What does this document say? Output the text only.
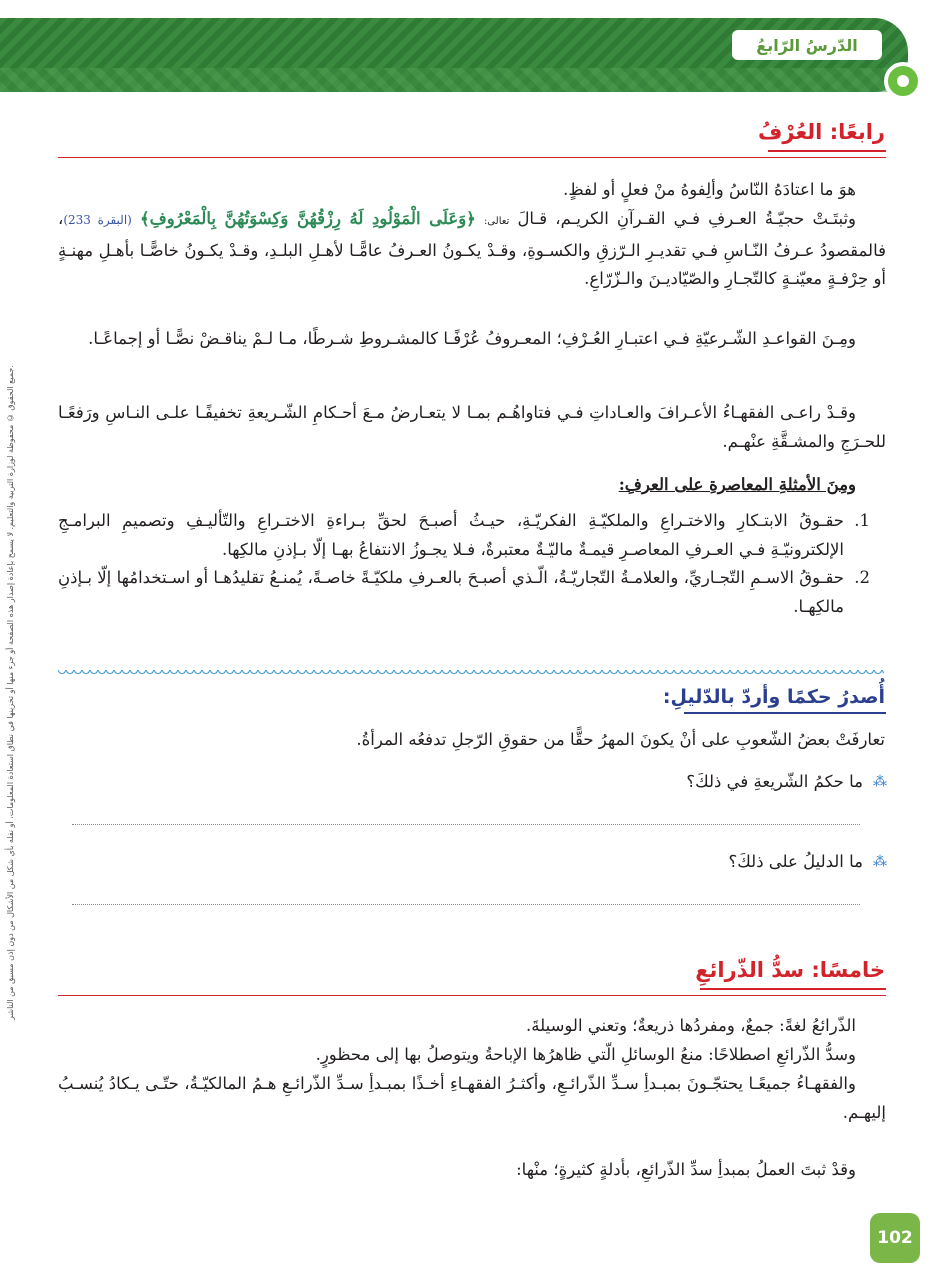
الدّرسُ الرّابعُ
جميع الحقوق © محفوظة لوزارة التربية والتعليم. لا يسمح بإعادة إصدار هذه الصفحة أو جزء منها أو تخزينها في نطاق استعادة المعلومات، أو نقله بأي شكل من الأشكال من دون إذن مسبق من الناشر.
رابعًا: العُرْفُ
هوَ ما اعتادَهُ النّاسُ وألِفوهُ منْ فعلٍ أو لفظٍ.
وثبتَـتْ حجيّـةُ العـرفِ فـي القـرآنِ الكريـم، قـالَ تعالى: ﴿وَعَلَى الْمَوْلُودِ لَهُ رِزْقُهُنَّ وَكِسْوَتُهُنَّ بِالْمَعْرُوفِ﴾ (البقرة 233)، فالمقصودُ عـرفُ النّـاسِ فـي تقديـرِ الـرّزقِ والكسـوةِ، وقـدْ يكـونُ العـرفُ عامًّـا لأهـلِ البلـدِ، وقـدْ يكـونُ خاصًّـا بأهـلِ مهنـةٍ أو حِرْفـةٍ معيّنـةٍ كالتّجـارِ والصّيّاديـنَ والـزّرّاعِ.
ومِـنَ القواعـدِ الشّـرعيّةِ فـي اعتبـارِ العُـرْفِ؛ المعـروفُ عُرْفًـا كالمشـروطِ شـرطًا، مـا لـمْ يناقـضْ نصًّـا أو إجماعًـا.
وقـدْ راعـى الفقهـاءُ الأعـرافَ والعـاداتِ فـي فتاواهُـم بمـا لا يتعـارضُ مـعَ أحـكامِ الشّـريعةِ تخفيفًـا علـى النـاسِ ورَفعًـا للحـرَجِ والمشـقَّةِ عنْهـم.
ومِنَ الأمثلةِ المعاصرةِ على العرفِ:
1.
حقـوقُ الابتـكارِ والاختـراعِ والملكيّـةِ الفكريّـةِ، حيـثُ أصبـحَ لحقِّ بـراءةِ الاختـراعِ والتّأليـفِ وتصميمِ البرامـجِ الإلكترونيّـةِ فـي العـرفِ المعاصـرِ قيمـةٌ ماليّـةٌ معتبرةٌ، فـلا يجـوزُ الانتفاعُ بهـا إلّا بـإذنِ مالكِها.
2.
حقـوقُ الاسـمِ التّجـاريِّ، والعلامـةُ التّجاريّـةُ، الّـذي أصبـحَ بالعـرفِ ملكيّـةً خاصـةً، يُمنـعُ تقليدُهـا أو اسـتخدامُها إلّا بـإذنِ مالكِهـا.
أُصدرُ حكمًا وأردّ بالدّليلِ:
تعارفَتْ بعضُ الشّعوبِ على أنْ يكونَ المهرُ حقًّا من حقوقِ الرّجلِ تدفعُه المرأةُ.
⁂
ما حكمُ الشّريعةِ في ذلكَ؟
⁂
ما الدليلُ على ذلكَ؟
خامسًا: سدُّ الذّرائعِ
الذّرائعُ لغةً: جمعٌ، ومفردُها ذريعةٌ؛ وتعني الوسيلةَ.
وسدُّ الذّرائعِ اصطلاحًا: منعُ الوسائلِ الّتي ظاهرُها الإباحةُ ويتوصلُ بها إلى محظورٍ.
والفقهـاءُ جميعًـا يحتجّـونَ بمبـدأِ سـدِّ الذّرائـعِ، وأكثـرُ الفقهـاءِ أخـذًا بمبـدأِ سـدِّ الذّرائـعِ هـمُ المالكيّـةُ، حتّـى يـكادُ يُنسـبُ إليهـم.
وقدْ ثبتَ العملُ بمبدأِ سدِّ الذّرائعِ، بأدلةٍ كثيرةٍ؛ منْها:
102
